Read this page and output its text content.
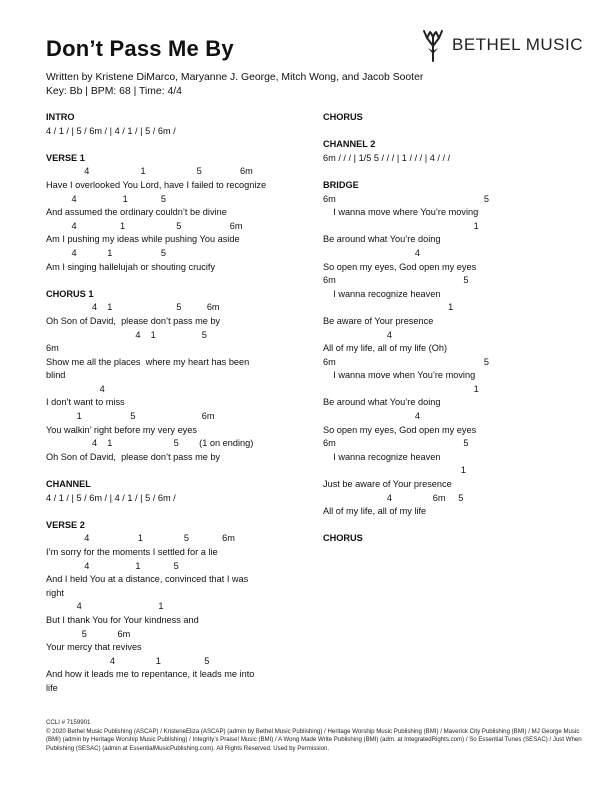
Don’t Pass Me By	BETHEL MUSIC
Written by Kristene DiMarco, Maryanne J. George, Mitch Wong, and Jacob Sooter
Key: Bb | BPM: 68 | Time: 4/4
INTRO
4 / 1 / | 5 / 6m / | 4 / 1 / | 5 / 6m /
VERSE 1
4                    1                    5               6m
Have I overlooked You Lord, have I failed to recognize
4                  1             5
And assumed the ordinary couldn’t be divine
4                 1                    5                   6m
Am I pushing my ideas while pushing You aside
4            1                   5
Am I singing hallelujah or shouting crucify
CHORUS 1
4    1                         5          6m
Oh Son of David,  please don’t pass me by
4    1                  5
6m
Show me all the places  where my heart has been
blind
4
I don’t want to miss
1                   5                          6m
You walkin’ right before my very eyes
4    1                        5        (1 on ending)
Oh Son of David,  please don’t pass me by
CHANNEL
4 / 1 / | 5 / 6m / | 4 / 1 / | 5 / 6m /
VERSE 2
4                   1                5             6m
I’m sorry for the moments I settled for a lie
4                  1             5
And I held You at a distance, convinced that I was
right
4                              1
But I thank You for Your kindness and
5            6m
Your mercy that revives
4                1                 5
And how it leads me to repentance, it leads me into
life
CHORUS
CHANNEL 2
6m / / / | 1/5 5 / / / | 1 / / / | 4 / / /
BRIDGE
6m                                                          5
I wanna move where You’re moving
1
Be around what You’re doing
4
So open my eyes, God open my eyes
6m                                                  5
I wanna recognize heaven
1
Be aware of Your presence
4
All of my life, all of my life (Oh)
6m                                                          5
I wanna move when You’re moving
1
Be around what You’re doing
4
So open my eyes, God open my eyes
6m                                                  5
I wanna recognize heaven
1
Just be aware of Your presence
4                6m     5
All of my life, all of my life
CHORUS
CCLI # 7159901
© 2020 Bethel Music Publishing (ASCAP) / KristeneEliza (ASCAP) (admin by Bethel Music Publishing) / Heritage Worship Music Publishing (BMI) / Maverick City Publishing (BMI) / MJ George Music (BMI) (admin by Heritage Worship Music Publishing) / Integrity’s Praise! Music (BMI) / A Wong Made Write Publishing (BMI) (adm. at IntegratedRights.com) / So Essential Tunes (SESAC) / Just When Publishing (SESAC) (admin at EssentialMusicPublishing.com). All Rights Reserved. Used by Permission.
